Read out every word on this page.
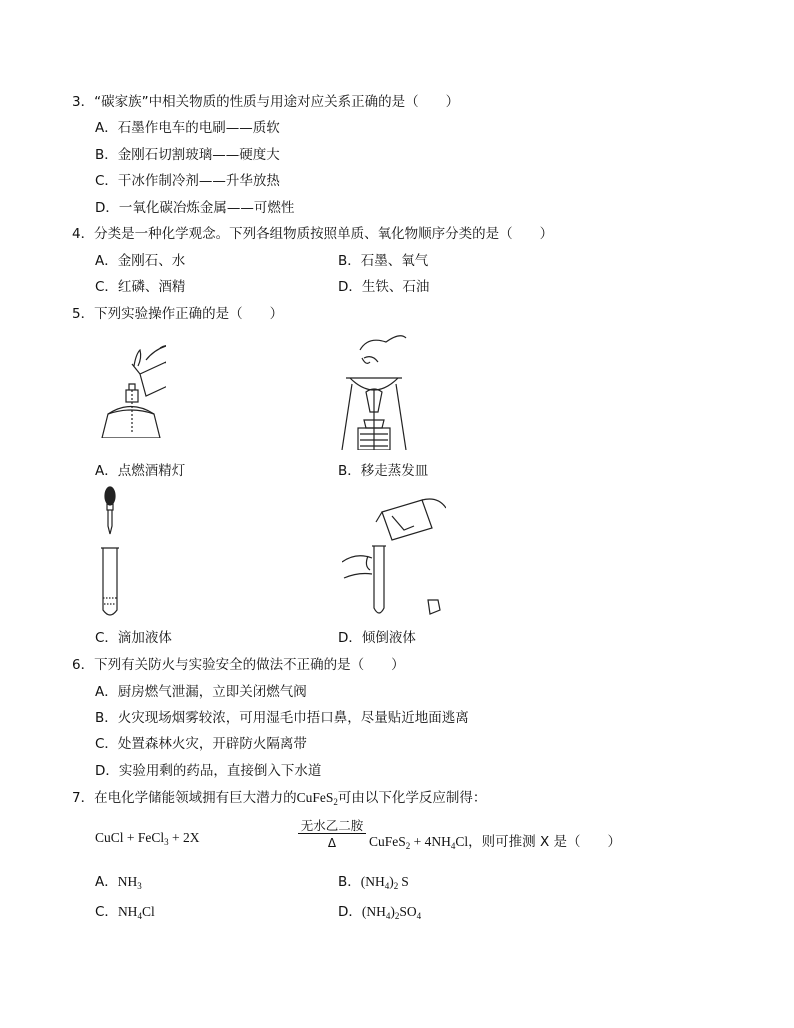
3．“碳家族”中相关物质的性质与用途对应关系正确的是（　　）
A．石墨作电车的电刷——质软
B．金刚石切割玻璃——硬度大
C．干冰作制冷剂——升华放热
D．一氧化碳冶炼金属——可燃性
4．分类是一种化学观念。下列各组物质按照单质、氧化物顺序分类的是（　　）
A．金刚石、水	B．石墨、氧气
C．红磷、酒精	D．生铁、石油
5．下列实验操作正确的是（　　）
A．点燃酒精灯	B．移走蒸发皿
C．滴加液体	D．倾倒液体
6．下列有关防火与实验安全的做法不正确的是（　　）
A．厨房燃气泄漏，立即关闭燃气阀
B．火灾现场烟雾较浓，可用湿毛巾捂口鼻，尽量贴近地面逃离
C．处置森林火灾，开辟防火隔离带
D．实验用剩的药品，直接倒入下水道
7．在电化学储能领域拥有巨大潜力的CuFeS$_2$可由以下化学反应制得：
CuCl + FeCl$_3$ + 2X
无水乙二胺
Δ	CuFeS$_2$ + $4NH_4Cl$，则可推测 X 是（　　）
A．$NH_3$	B．$(NH_4)_2$ S
C．$NH_4Cl$	D．$(NH_4)_2SO_4$
